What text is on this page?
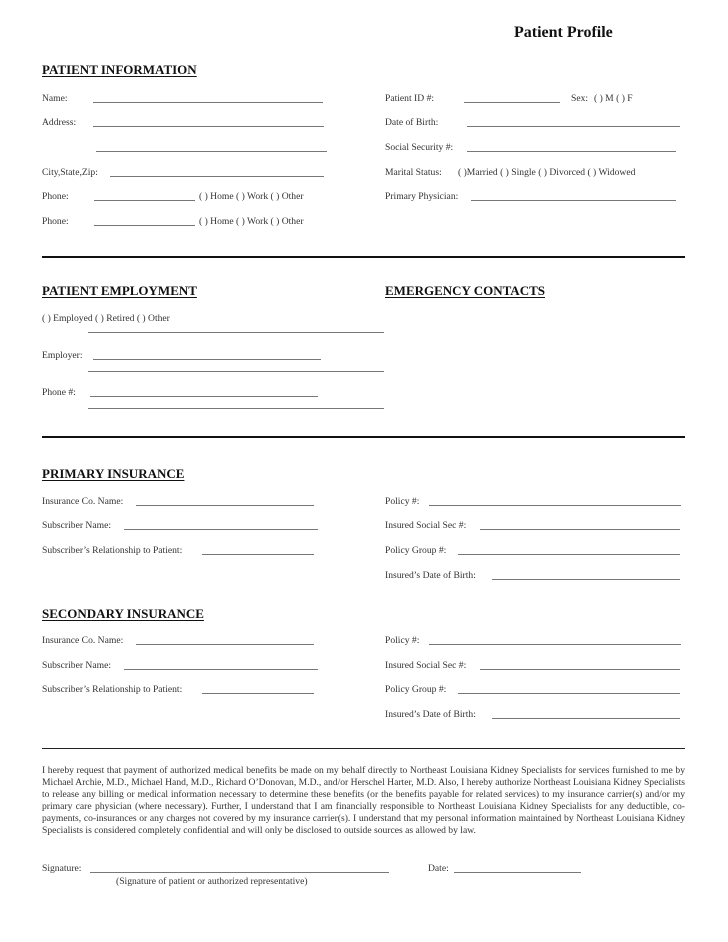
Patient Profile
PATIENT INFORMATION
Name:
Address:
City,State,Zip:
Phone:	( ) Home ( ) Work ( ) Other
Phone:	( ) Home ( ) Work ( ) Other
Patient ID #:	Sex: ( ) M ( ) F
Date of Birth:
Social Security #:
Marital Status: ( )Married ( ) Single ( ) Divorced ( ) Widowed
Primary Physician:
PATIENT EMPLOYMENT	EMERGENCY CONTACTS
( ) Employed ( ) Retired ( ) Other
Employer:
Phone #:
PRIMARY INSURANCE
Insurance Co. Name:
Subscriber Name:
Subscriber’s Relationship to Patient:
Policy #:
Insured Social Sec #:
Policy Group #:
Insured’s Date of Birth:
SECONDARY INSURANCE
Insurance Co. Name:
Subscriber Name:
Subscriber’s Relationship to Patient:
Policy #:
Insured Social Sec #:
Policy Group #:
Insured’s Date of Birth:

I hereby request that payment of authorized medical benefits be made on my behalf directly to Northeast Louisiana Kidney Specialists for services furnished to me by Michael Archie, M.D., Michael Hand, M.D., Richard O’Donovan, M.D., and/or Herschel Harter, M.D. Also, I hereby authorize Northeast Louisiana Kidney Specialists to release any billing or medical information necessary to determine these benefits (or the benefits payable for related services) to my insurance carrier(s) and/or my primary care physician (where necessary). Further, I understand that I am financially responsible to Northeast Louisiana Kidney Specialists for any deductible, co-payments, co-insurances or any charges not covered by my insurance carrier(s). I understand that my personal information maintained by Northeast Louisiana Kidney Specialists is considered completely confidential and will only be disclosed to outside sources as allowed by law.

Signature:
(Signature of patient or authorized representative)
Date:
